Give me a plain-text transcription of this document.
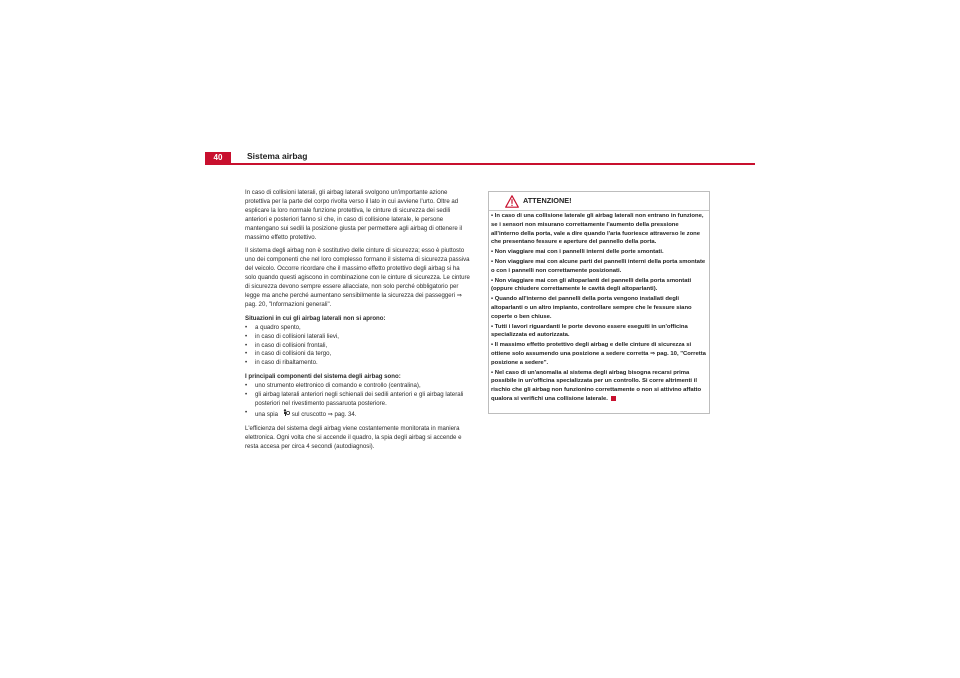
40	Sistema airbag

In caso di collisioni laterali, gli airbag laterali svolgono un'importante azione protettiva per la parte del corpo rivolta verso il lato in cui avviene l'urto. Oltre ad esplicare la loro normale funzione protettiva, le cinture di sicurezza dei sedili anteriori e posteriori fanno sì che, in caso di collisione laterale, le persone mantengano sui sedili la posizione giusta per permettere agli airbag di ottenere il massimo effetto protettivo.

Il sistema degli airbag non è sostitutivo delle cinture di sicurezza; esso è piuttosto uno dei componenti che nel loro complesso formano il sistema di sicurezza passiva del veicolo. Occorre ricordare che il massimo effetto protettivo degli airbag si ha solo quando questi agiscono in combinazione con le cinture di sicurezza. Le cinture di sicurezza devono sempre essere allacciate, non solo perché obbligatorio per legge ma anche perché aumentano sensibilmente la sicurezza dei passeggeri ⇒ pag. 20, "Informazioni generali".

Situazioni in cui gli airbag laterali non si aprono:

• a quadro spento,
• in caso di collisioni laterali lievi,
• in caso di collisioni frontali,
• in caso di collisioni da tergo,
• in caso di ribaltamento.

I principali componenti del sistema degli airbag sono:

• uno strumento elettronico di comando e controllo (centralina),
• gli airbag laterali anteriori negli schienali dei sedili anteriori e gli airbag laterali posteriori nel rivestimento passaruota posteriore.
• una spia sul cruscotto ⇒ pag. 34.

L'efficienza del sistema degli airbag viene costantemente monitorata in maniera elettronica. Ogni volta che si accende il quadro, la spia degli airbag si accende e resta accesa per circa 4 secondi (autodiagnosi).

ATTENZIONE!
• In caso di una collisione laterale gli airbag laterali non entrano in funzione, se i sensori non misurano correttamente l'aumento della pressione all'interno della porta, vale a dire quando l'aria fuoriesce attraverso le zone che presentano fessure e aperture del pannello della porta.
• Non viaggiare mai con i pannelli interni delle porte smontati.
• Non viaggiare mai con alcune parti dei pannelli interni della porta smontate o con i pannelli non correttamente posizionati.
• Non viaggiare mai con gli altoparlanti dei pannelli della porta smontati (oppure chiudere correttamente le cavità degli altoparlanti).
• Quando all'interno dei pannelli della porta vengono installati degli altoparlanti o un altro impianto, controllare sempre che le fessure siano coperte o ben chiuse.
• Tutti i lavori riguardanti le porte devono essere eseguiti in un'officina specializzata ed autorizzata.
• Il massimo effetto protettivo degli airbag e delle cinture di sicurezza si ottiene solo assumendo una posizione a sedere corretta ⇒ pag. 10, "Corretta posizione a sedere".
• Nel caso di un'anomalia al sistema degli airbag bisogna recarsi prima possibile in un'officina specializzata per un controllo. Si corre altrimenti il rischio che gli airbag non funzionino correttamente o non si attivino affatto qualora si verifichi una collisione laterale.
